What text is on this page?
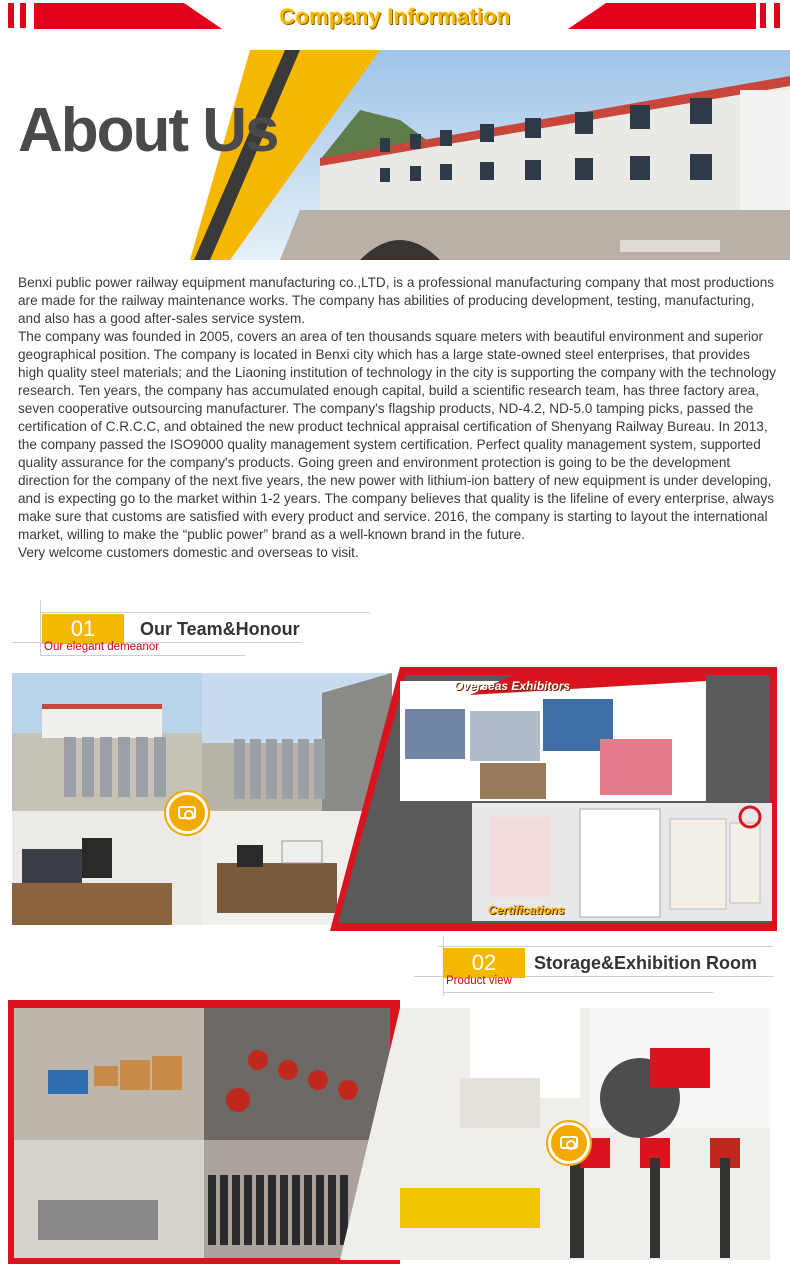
Company Information
About Us

Benxi public power railway equipment manufacturing co.,LTD, is a professional manufacturing company that most productions are made for the railway maintenance works. The company has abilities of producing development, testing, manufacturing, and also has a good after-sales service system.

The company was founded in 2005, covers an area of ten thousands square meters with beautiful environment and superior geographical position. The company is located in Benxi city which has a large state-owned steel enterprises, that provides high quality steel materials; and the Liaoning institution of technology in the city is supporting the company with the technology research. Ten years, the company has accumulated enough capital, build a scientific research team, has three factory area, seven cooperative outsourcing manufacturer. The company's flagship products, ND-4.2, ND-5.0 tamping picks, passed the certification of C.R.C.C, and obtained the new product technical appraisal certification of Shenyang Railway Bureau. In 2013, the company passed the ISO9000 quality management system certification. Perfect quality management system, supported quality assurance for the company's products. Going green and environment protection is going to be the development direction for the company of the next five years, the new power with lithium-ion battery of new equipment is under developing, and is expecting go to the market within 1-2 years. The company believes that quality is the lifeline of every enterprise, always make sure that customs are satisfied with every product and service. 2016, the company is starting to layout the international market, willing to make the “public power” brand as a well-known brand in the future.

Very welcome customers domestic and overseas to visit.

01	Our Team&Honour
Our elegant demeanor
Overseas Exhibitors
Certifications
02	Storage&Exhibition Room
Product view
